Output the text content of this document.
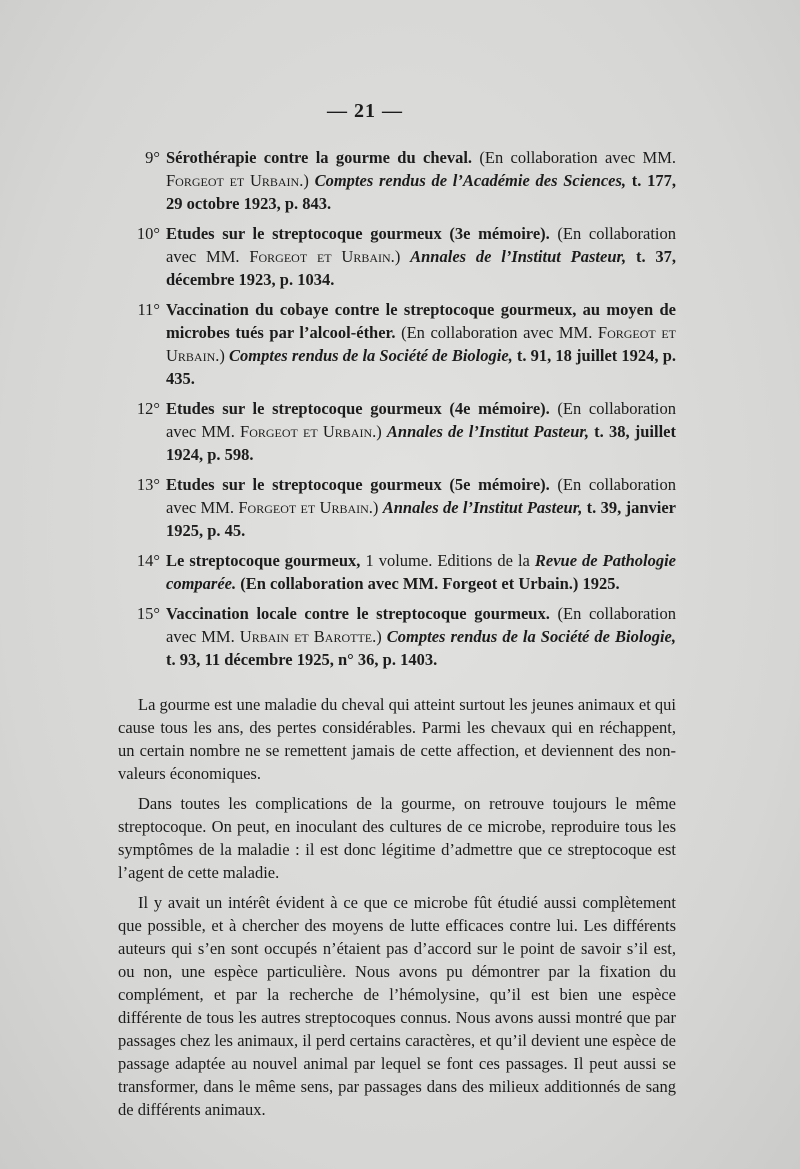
— 21 —
9° Sérothérapie contre la gourme du cheval. (En collaboration avec MM. Forgeot et Urbain.) Comptes rendus de l’Académie des Sciences, t. 177, 29 octobre 1923, p. 843.
10° Etudes sur le streptocoque gourmeux (3e mémoire). (En collaboration avec MM. Forgeot et Urbain.) Annales de l’Institut Pasteur, t. 37, décembre 1923, p. 1034.
11° Vaccination du cobaye contre le streptocoque gourmeux, au moyen de microbes tués par l’alcool-éther. (En collaboration avec MM. Forgeot et Urbain.) Comptes rendus de la Société de Biologie, t. 91, 18 juillet 1924, p. 435.
12° Etudes sur le streptocoque gourmeux (4e mémoire). (En collaboration avec MM. Forgeot et Urbain.) Annales de l’Institut Pasteur, t. 38, juillet 1924, p. 598.
13° Etudes sur le streptocoque gourmeux (5e mémoire). (En collaboration avec MM. Forgeot et Urbain.) Annales de l’Institut Pasteur, t. 39, janvier 1925, p. 45.
14° Le streptocoque gourmeux, 1 volume. Editions de la Revue de Pathologie comparée. (En collaboration avec MM. Forgeot et Urbain.) 1925.
15° Vaccination locale contre le streptocoque gourmeux. (En collaboration avec MM. Urbain et Barotte.) Comptes rendus de la Société de Biologie, t. 93, 11 décembre 1925, n° 36, p. 1403.

La gourme est une maladie du cheval qui atteint surtout les jeunes animaux et qui cause tous les ans, des pertes considérables. Parmi les chevaux qui en réchappent, un certain nombre ne se remettent jamais de cette affection, et deviennent des non-valeurs économiques.

Dans toutes les complications de la gourme, on retrouve toujours le même streptocoque. On peut, en inoculant des cultures de ce microbe, reproduire tous les symptômes de la maladie : il est donc légitime d’admettre que ce streptocoque est l’agent de cette maladie.

Il y avait un intérêt évident à ce que ce microbe fût étudié aussi complètement que possible, et à chercher des moyens de lutte efficaces contre lui. Les différents auteurs qui s’en sont occupés n’étaient pas d’accord sur le point de savoir s’il est, ou non, une espèce particulière. Nous avons pu démontrer par la fixation du complément, et par la recherche de l’hémolysine, qu’il est bien une espèce différente de tous les autres streptocoques connus. Nous avons aussi montré que par passages chez les animaux, il perd certains caractères, et qu’il devient une espèce de passage adaptée au nouvel animal par lequel se font ces passages. Il peut aussi se transformer, dans le même sens, par passages dans des milieux additionnés de sang de différents animaux.
